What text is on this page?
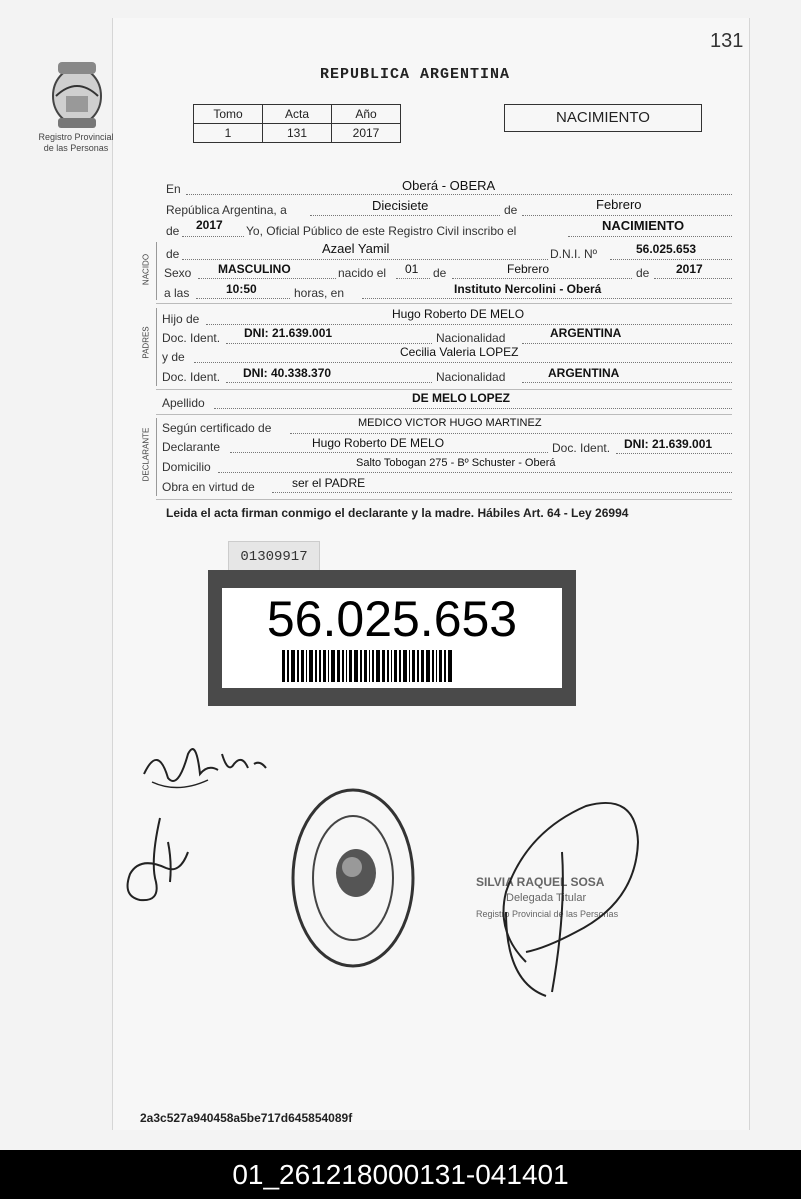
131
Registro Provincial
de las Personas
REPUBLICA ARGENTINA
Tomo	Acta	Año
1	131	2017
NACIMIENTO
En	Oberá - OBERA
República Argentina, a	Diecisiete	de	Febrero
de 2017 Yo, Oficial Público de este Registro Civil inscribo el	NACIMIENTO
NACIDO de	Azael Yamil	D.N.I. Nº	56.025.653
Sexo MASCULINO	nacido el 01 de	Febrero	de 2017
a las	10:50	horas, en	Instituto Nercolini - Oberá
PADRES
Hijo de	Hugo Roberto DE MELO
Doc. Ident. DNI: 21.639.001	Nacionalidad	ARGENTINA
y de	Cecilia Valeria LOPEZ
Doc. Ident. DNI: 40.338.370	Nacionalidad	ARGENTINA
Apellido	DE MELO LOPEZ
DECLARANTE Según certificado de	MEDICO VICTOR HUGO MARTINEZ
Declarante	Hugo Roberto DE MELO	Doc. Ident. DNI: 21.639.001
Domicilio	Salto Tobogan 275 - Bº Schuster - Oberá
Obra en virtud de	ser el PADRE
Leida el acta firman conmigo el declarante y la madre. Hábiles Art. 64 - Ley 26994
01309917
56.025.653
SILVIA RAQUEL SOSA
Delegada Titular
Registro Provincial de las Personas
2a3c527a940458a5be717d645854089f
01_261218000131-041401
